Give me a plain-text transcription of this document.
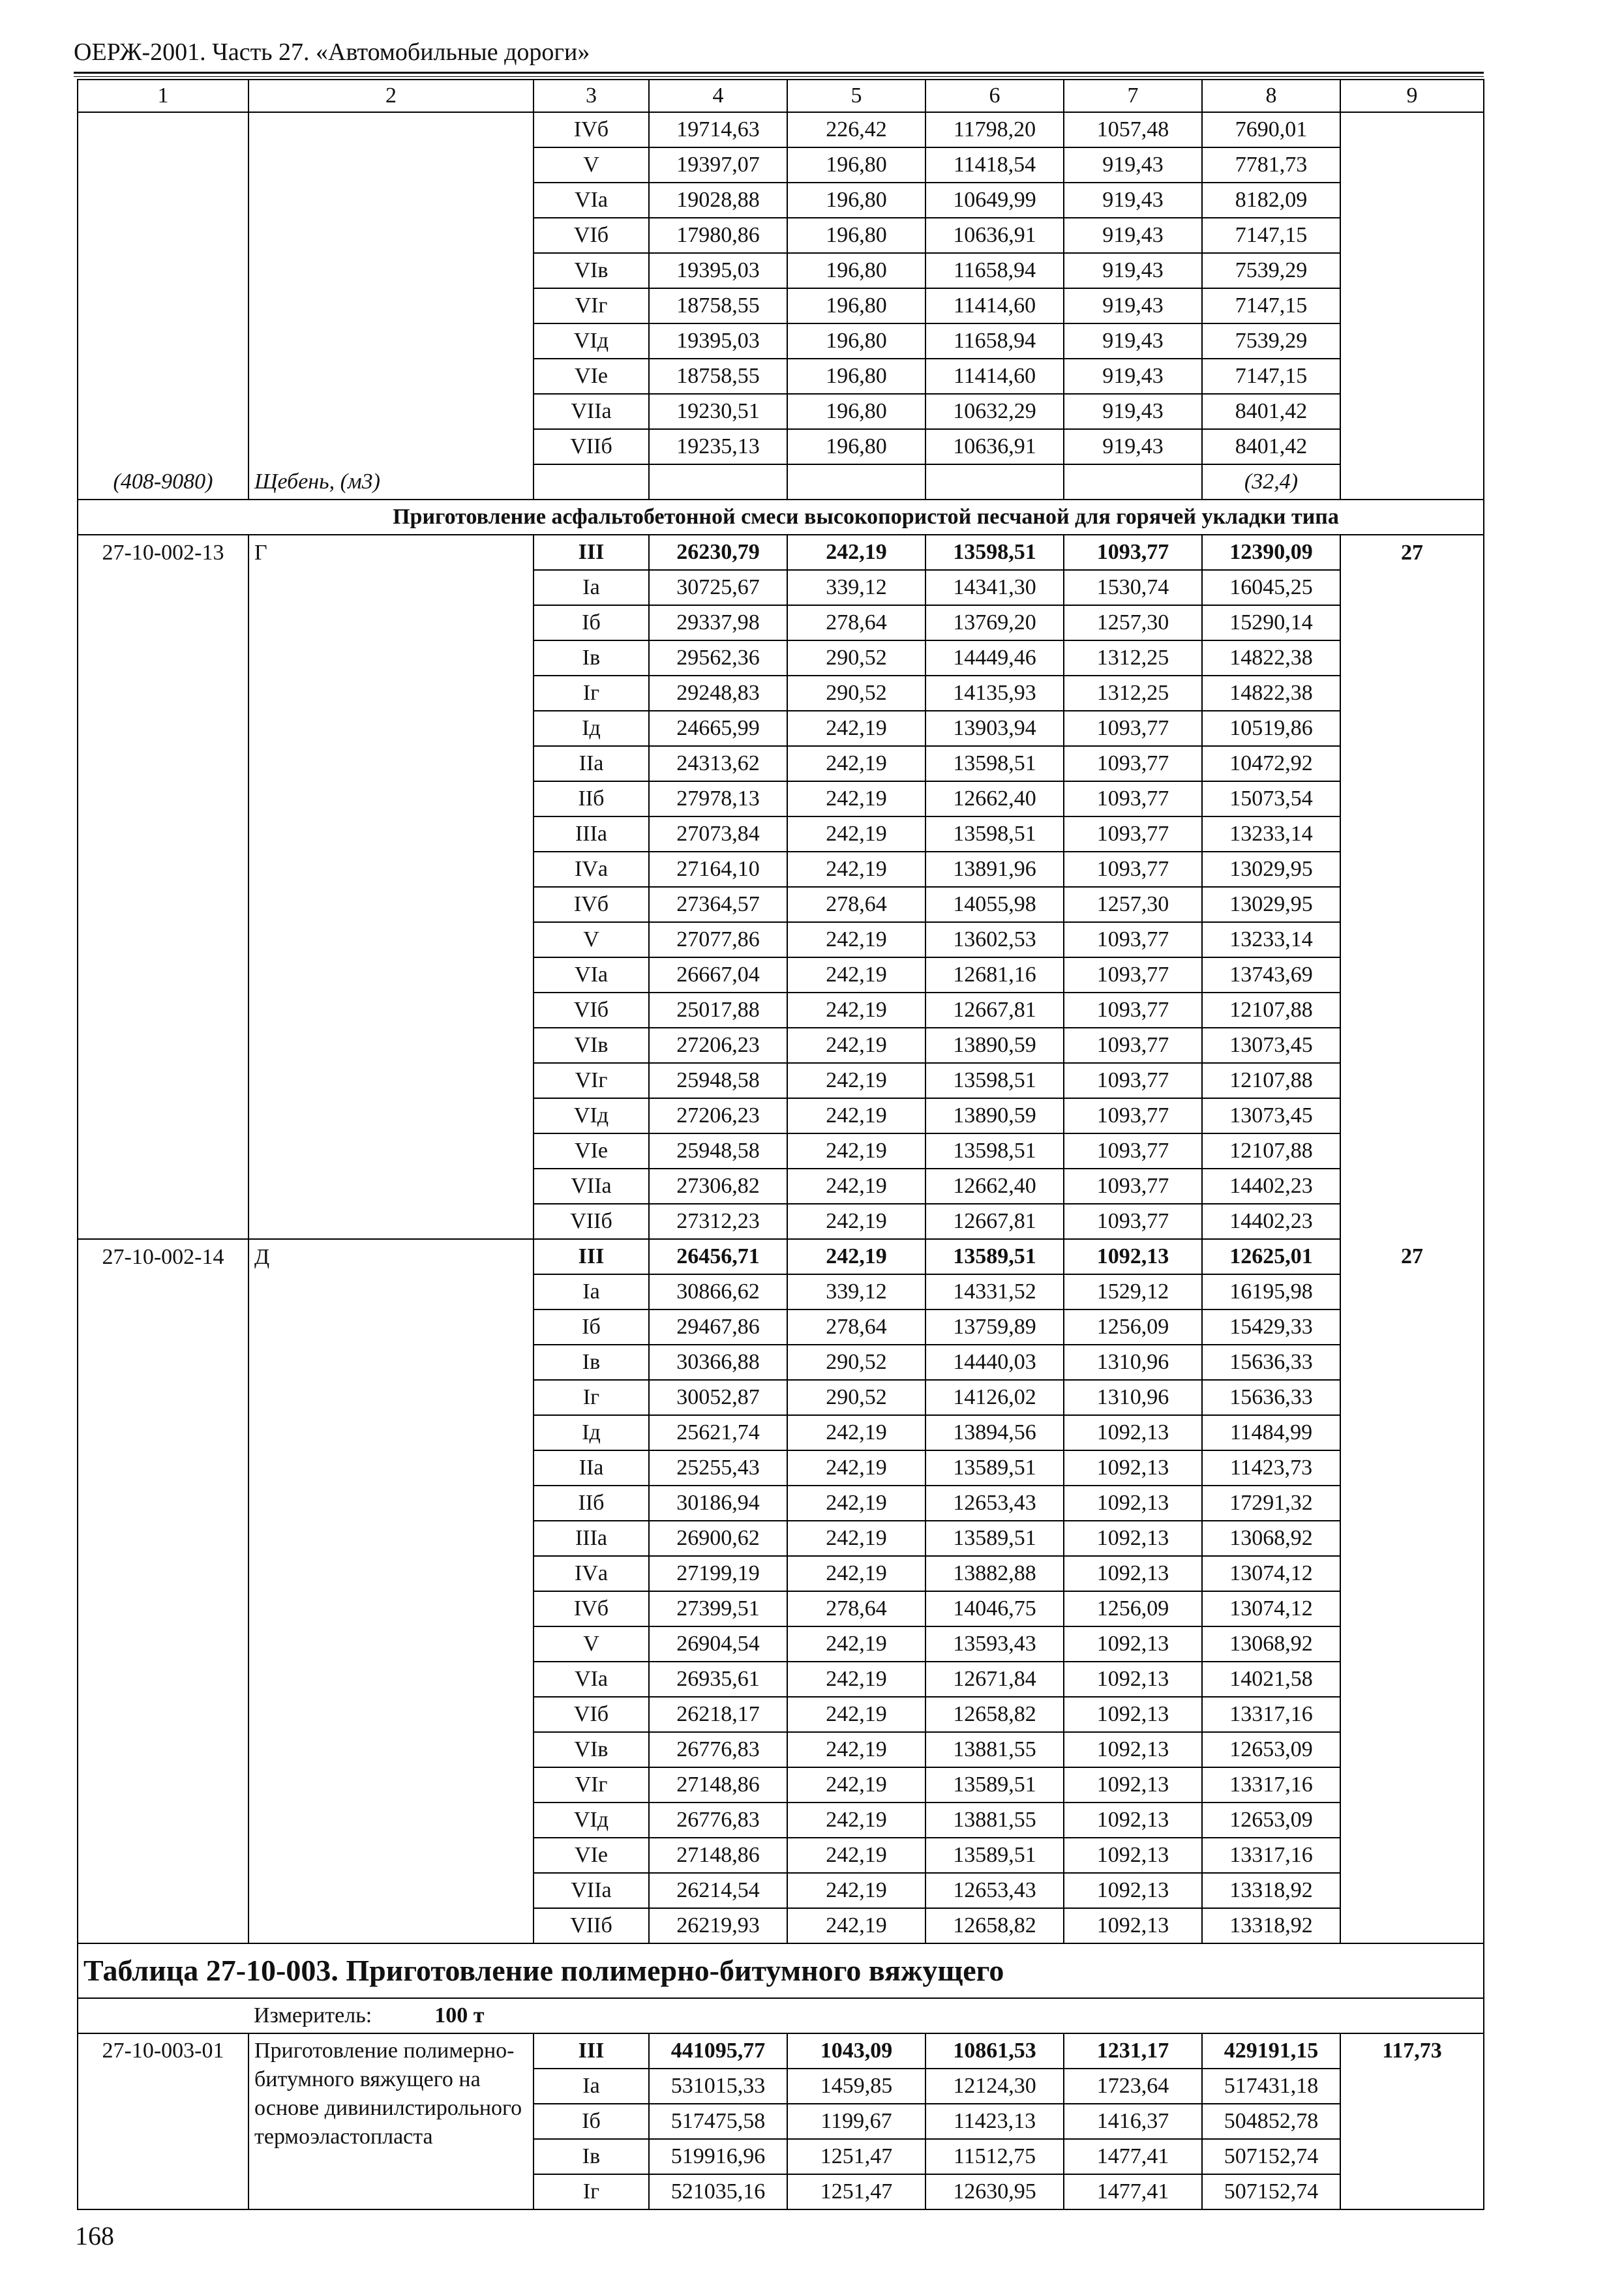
ОЕРЖ-2001. Часть 27. «Автомобильные дороги»
1	2	3	4	5	6	7	8	9
		IVб	19714,63	226,42	11798,20	1057,48	7690,01	
		V	19397,07	196,80	11418,54	919,43	7781,73	
		VIа	19028,88	196,80	10649,99	919,43	8182,09	
		VIб	17980,86	196,80	10636,91	919,43	7147,15	
		VIв	19395,03	196,80	11658,94	919,43	7539,29	
		VIг	18758,55	196,80	11414,60	919,43	7147,15	
		VIд	19395,03	196,80	11658,94	919,43	7539,29	
		VIе	18758,55	196,80	11414,60	919,43	7147,15	
		VIIа	19230,51	196,80	10632,29	919,43	8401,42	
		VIIб	19235,13	196,80	10636,91	919,43	8401,42	
(408-9080)	Щебень, (м3)						(32,4)	
	Приготовление асфальтобетонной смеси высокопористой песчаной для горячей укладки типа							
27-10-002-13	Г	III	26230,79	242,19	13598,51	1093,77	12390,09	27
		Iа	30725,67	339,12	14341,30	1530,74	16045,25	
		Iб	29337,98	278,64	13769,20	1257,30	15290,14	
		Iв	29562,36	290,52	14449,46	1312,25	14822,38	
		Iг	29248,83	290,52	14135,93	1312,25	14822,38	
		Iд	24665,99	242,19	13903,94	1093,77	10519,86	
		IIа	24313,62	242,19	13598,51	1093,77	10472,92	
		IIб	27978,13	242,19	12662,40	1093,77	15073,54	
		IIIа	27073,84	242,19	13598,51	1093,77	13233,14	
		IVа	27164,10	242,19	13891,96	1093,77	13029,95	
		IVб	27364,57	278,64	14055,98	1257,30	13029,95	
		V	27077,86	242,19	13602,53	1093,77	13233,14	
		VIа	26667,04	242,19	12681,16	1093,77	13743,69	
		VIб	25017,88	242,19	12667,81	1093,77	12107,88	
		VIв	27206,23	242,19	13890,59	1093,77	13073,45	
		VIг	25948,58	242,19	13598,51	1093,77	12107,88	
		VIд	27206,23	242,19	13890,59	1093,77	13073,45	
		VIе	25948,58	242,19	13598,51	1093,77	12107,88	
		VIIа	27306,82	242,19	12662,40	1093,77	14402,23	
		VIIб	27312,23	242,19	12667,81	1093,77	14402,23	
27-10-002-14	Д	III	26456,71	242,19	13589,51	1092,13	12625,01	27
		Iа	30866,62	339,12	14331,52	1529,12	16195,98	
		Iб	29467,86	278,64	13759,89	1256,09	15429,33	
		Iв	30366,88	290,52	14440,03	1310,96	15636,33	
		Iг	30052,87	290,52	14126,02	1310,96	15636,33	
		Iд	25621,74	242,19	13894,56	1092,13	11484,99	
		IIа	25255,43	242,19	13589,51	1092,13	11423,73	
		IIб	30186,94	242,19	12653,43	1092,13	17291,32	
		IIIа	26900,62	242,19	13589,51	1092,13	13068,92	
		IVа	27199,19	242,19	13882,88	1092,13	13074,12	
		IVб	27399,51	278,64	14046,75	1256,09	13074,12	
		V	26904,54	242,19	13593,43	1092,13	13068,92	
		VIа	26935,61	242,19	12671,84	1092,13	14021,58	
		VIб	26218,17	242,19	12658,82	1092,13	13317,16	
		VIв	26776,83	242,19	13881,55	1092,13	12653,09	
		VIг	27148,86	242,19	13589,51	1092,13	13317,16	
		VIд	26776,83	242,19	13881,55	1092,13	12653,09	
		VIе	27148,86	242,19	13589,51	1092,13	13317,16	
		VIIа	26214,54	242,19	12653,43	1092,13	13318,92	
		VIIб	26219,93	242,19	12658,82	1092,13	13318,92	
Таблица 27-10-003. Приготовление полимерно-битумного вяжущего								
	Измеритель: 100 т							
27-10-003-01	Приготовление полимерно-битумного вяжущего на основе дивинилстирольного термоэластопласта	III	441095,77	1043,09	10861,53	1231,17	429191,15	117,73
		Iа	531015,33	1459,85	12124,30	1723,64	517431,18	
		Iб	517475,58	1199,67	11423,13	1416,37	504852,78	
		Iв	519916,96	1251,47	11512,75	1477,41	507152,74	
		Iг	521035,16	1251,47	12630,95	1477,41	507152,74	
168
